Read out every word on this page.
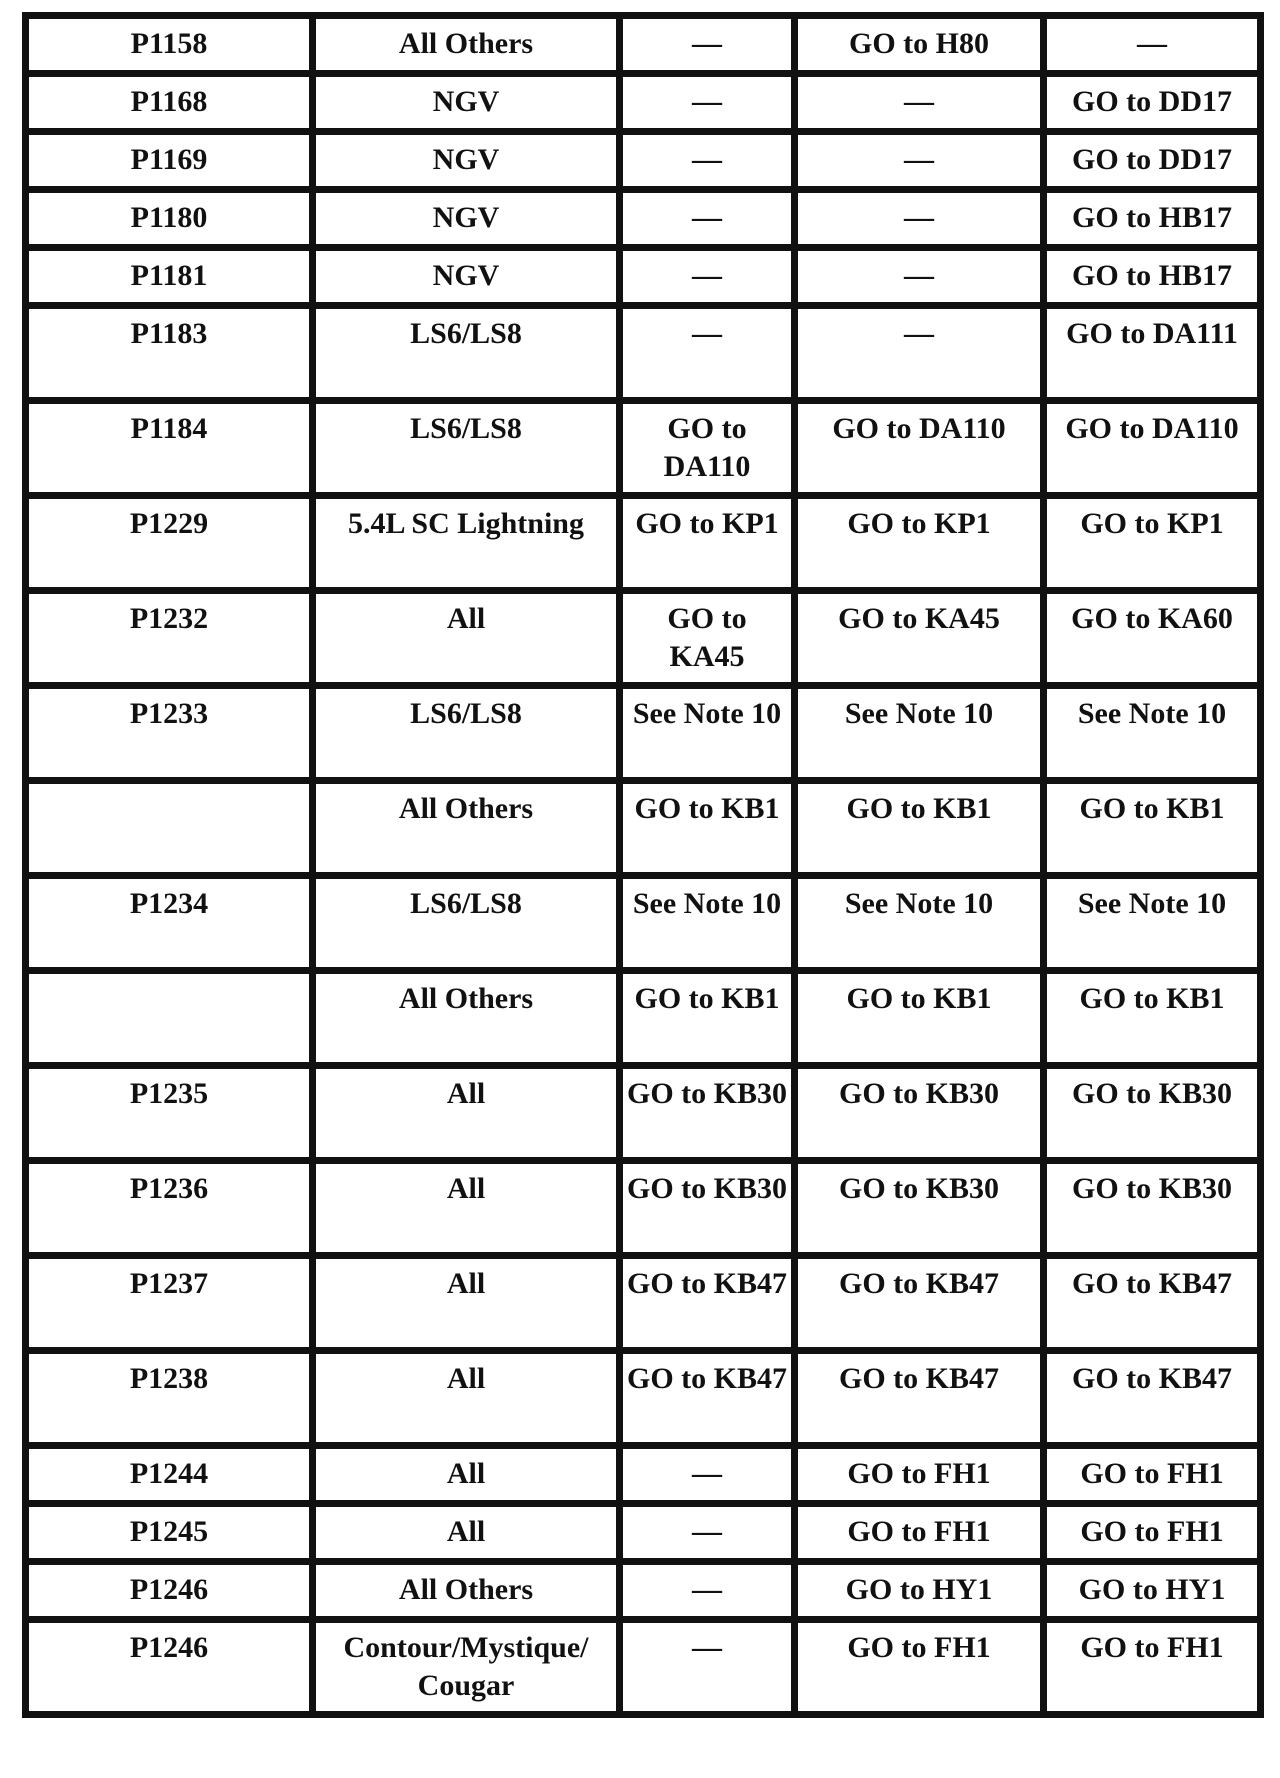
P1158	All Others	—	GO to H80	—
P1168	NGV	—	—	GO to DD17
P1169	NGV	—	—	GO to DD17
P1180	NGV	—	—	GO to HB17
P1181	NGV	—	—	GO to HB17
P1183	LS6/LS8	—	—	GO to DA111
P1184	LS6/LS8	GO to DA110	GO to DA110	GO to DA110
P1229	5.4L SC Lightning	GO to KP1	GO to KP1	GO to KP1
P1232	All	GO to KA45	GO to KA45	GO to KA60
P1233	LS6/LS8	See Note 10	See Note 10	See Note 10
	All Others	GO to KB1	GO to KB1	GO to KB1
P1234	LS6/LS8	See Note 10	See Note 10	See Note 10
	All Others	GO to KB1	GO to KB1	GO to KB1
P1235	All	GO to KB30	GO to KB30	GO to KB30
P1236	All	GO to KB30	GO to KB30	GO to KB30
P1237	All	GO to KB47	GO to KB47	GO to KB47
P1238	All	GO to KB47	GO to KB47	GO to KB47
P1244	All	—	GO to FH1	GO to FH1
P1245	All	—	GO to FH1	GO to FH1
P1246	All Others	—	GO to HY1	GO to HY1
P1246	Contour/Mystique/ Cougar	—	GO to FH1	GO to FH1
